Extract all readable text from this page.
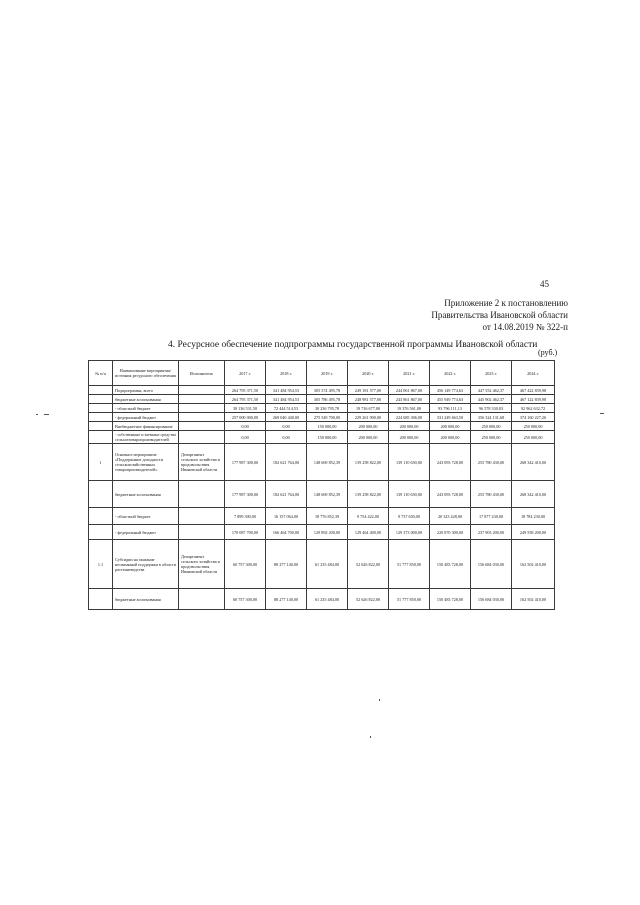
45
Приложение 2 к постановлению
Правительства Ивановской области
от 14.08.2019 № 322-п
4. Ресурсное обеспечение подпрограммы государственной программы Ивановской области
(руб.)
№ п/п	Наименование мероприятия/ источник ресурсного обеспечения	Исполнитель	2017 г.	2018 г.	2019 г.	2020 г.	2021 г.	2022 г.	2023 г.	2024 г.
	Подпрограмма, всего		264 795 371,50	341 484 954,53	305 374 495,78	249 181 577,00	244 061 867,00	456 149 774,63	447 552 462,37	467 422 839,98
	бюджетные ассигнования		264 795 371,50	341 484 954,53	305 786 495,78	248 981 577,00	243 861 867,00	455 949 774,63	445 902 462,37	467 122 839,98
	- областной бюджет		39 136 531,50	72 444 514,53	30 236 795,78	19 716 677,00	19 376 561,00	93 796 111,13	96 578 330,83	92 962 632,72
	- федеральный бюджет		257 000 000,00	269 040 440,00	275 549 700,00	229 261 900,00	224 685 306,00	331 249 663,50	356 324 131,68	374 160 227,26
	Внебюджетное финансирование		0,00	0,00	150 000,00	200 000,00	200 000,00	200 000,00	250 000,00	250 000,00
	- собственные и заемные средства сельхозтоваропроизводителей		0,00	0,00	150 000,00	200 000,00	200 000,00	200 000,00	250 000,00	250 000,00
1	Основное мероприятие «Поддержание доходности сельскохозяйственных товаропроизводителей»	Департамент сельского хозяйства и продовольствия Ивановской области	177 987 300,00	182 621 764,00	148 669 852,39	139 258 822,00	139 110 650,00	243 093 728,00	255 780 430,00	268 342 410,00
	бюджетные ассигнования		177 987 300,00	182 621 764,00	148 669 852,39	139 258 822,00	139 110 650,00	243 093 728,00	255 780 430,00	268 342 410,00
	- областной бюджет		7 899 300,00	16 157 064,00	18 776 852,39	9 754 422,00	9 737 650,00	20 323 428,00	17 877 230,00	18 784 230,00
	- федеральный бюджет		170 087 700,00	166 464 700,00	129 892 200,00	129 464 400,00	129 373 000,00	220 870 300,00	237 903 200,00	249 558 200,00
1.1	Субсидии на оказание несвязанной поддержки в области растениеводства	Департамент сельского хозяйства и продовольствия Ивановской области	60 757 300,00	88 277 140,00	61 235 484,00	52 626 822,00	51 777 850,00	150 483 728,00	156 684 030,00	162 502 410,00
	бюджетные ассигнования		60 757 300,00	88 277 140,00	61 235 484,00	52 626 822,00	51 777 850,00	150 483 728,00	156 684 030,00	162 502 410,00
